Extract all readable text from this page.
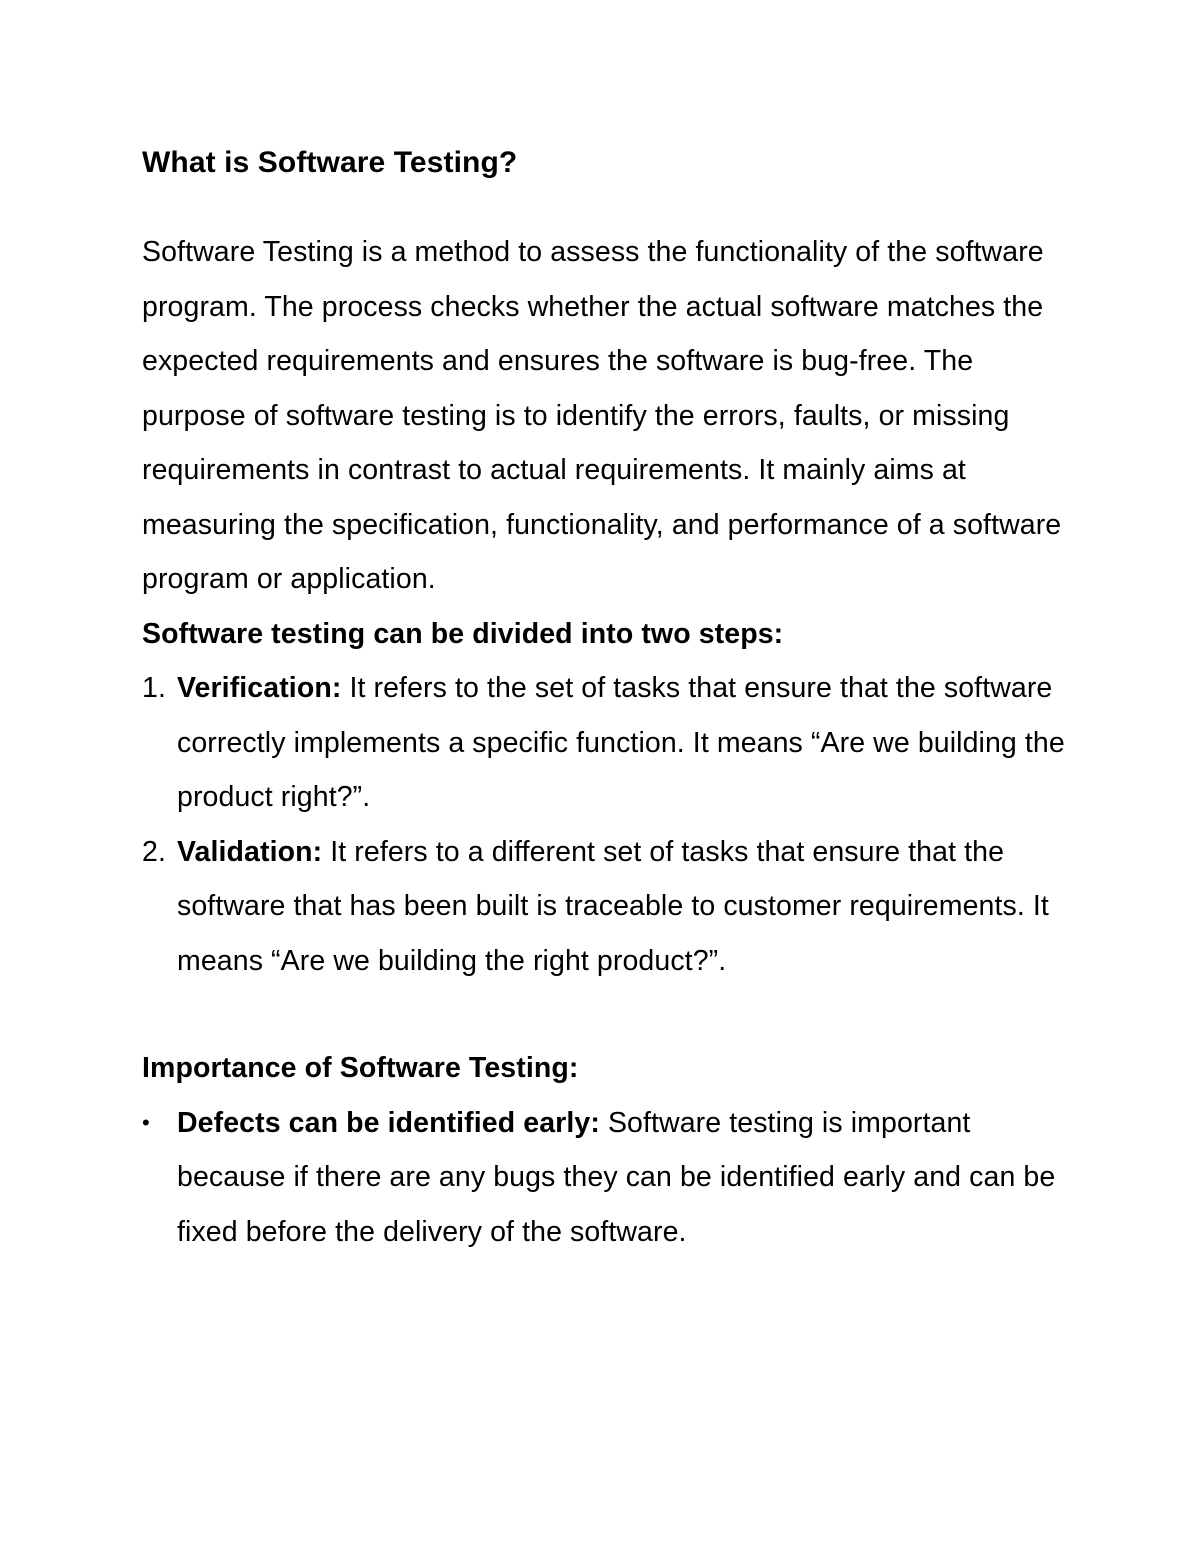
What is Software Testing?

Software Testing is a method to assess the functionality of the software program. The process checks whether the actual software matches the expected requirements and ensures the software is bug-free. The purpose of software testing is to identify the errors, faults, or missing requirements in contrast to actual requirements. It mainly aims at measuring the specification, functionality, and performance of a software program or application.

Software testing can be divided into two steps:

1. Verification: It refers to the set of tasks that ensure that the software correctly implements a specific function. It means “Are we building the product right?”.
2. Validation: It refers to a different set of tasks that ensure that the software that has been built is traceable to customer requirements. It means “Are we building the right product?”.

Importance of Software Testing:

• Defects can be identified early: Software testing is important because if there are any bugs they can be identified early and can be fixed before the delivery of the software.
